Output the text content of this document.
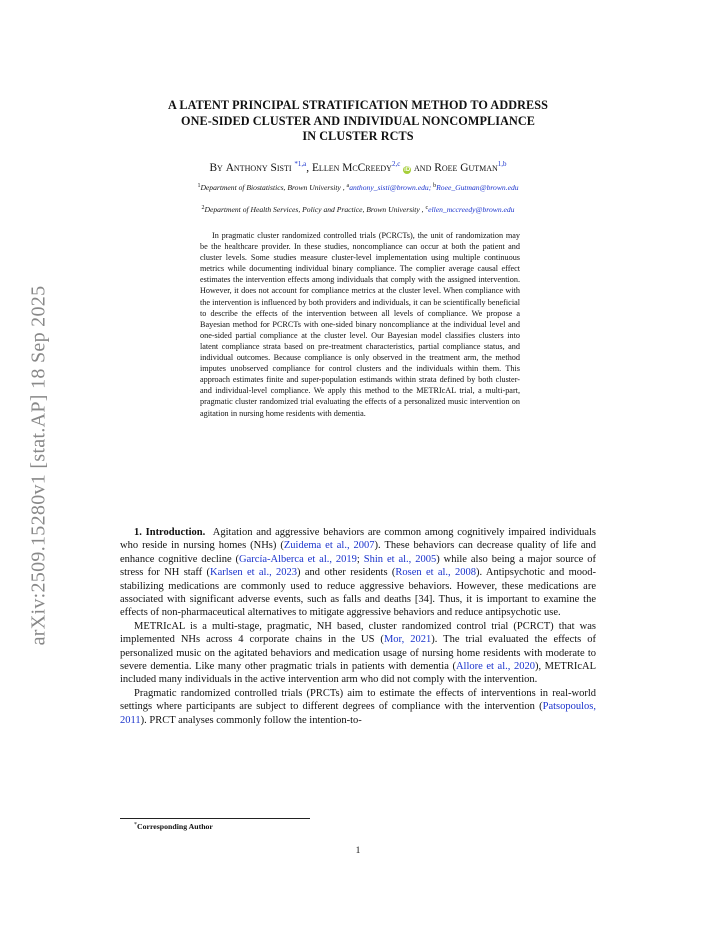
arXiv:2509.15280v1 [stat.AP] 18 Sep 2025
A LATENT PRINCIPAL STRATIFICATION METHOD TO ADDRESS
ONE-SIDED CLUSTER AND INDIVIDUAL NONCOMPLIANCE
IN CLUSTER RCTS
By Anthony Sisti $^{*1,a}$, Ellen McCreedy$^{2,c}$ iD and Roee Gutman$^{1,b}$
$^1$Department of Biostatistics, Brown University , $^a$anthony_sisti@brown.edu; $^b$Roee_Gutman@brown.edu
$^2$Department of Health Services, Policy and Practice, Brown University , $^c$ellen_mccreedy@brown.edu

In pragmatic cluster randomized controlled trials (PCRCTs), the unit of randomization may be the healthcare provider. In these studies, noncompliance can occur at both the patient and cluster levels. Some studies measure cluster-level implementation using multiple continuous metrics while documenting individual binary compliance. The complier average causal effect estimates the intervention effects among individuals that comply with the assigned intervention. However, it does not account for compliance metrics at the cluster level. When compliance with the intervention is influenced by both providers and individuals, it can be scientifically beneficial to describe the effects of the intervention between all levels of compliance. We propose a Bayesian method for PCRCTs with one-sided binary noncompliance at the individual level and one-sided partial compliance at the cluster level. Our Bayesian model classifies clusters into latent compliance strata based on pre-treatment characteristics, partial compliance status, and individual outcomes. Because compliance is only observed in the treatment arm, the method imputes unobserved compliance for control clusters and the individuals within them. This approach estimates finite and super-population estimands within strata defined by both cluster- and individual-level compliance. We apply this method to the METRIcAL trial, a multi-part, pragmatic cluster randomized trial evaluating the effects of a personalized music intervention on agitation in nursing home residents with dementia.

1. Introduction. Agitation and aggressive behaviors are common among cognitively impaired individuals who reside in nursing homes (NHs) (Zuidema et al., 2007). These behaviors can decrease quality of life and enhance cognitive decline (García-Alberca et al., 2019; Shin et al., 2005) while also being a major source of stress for NH staff (Karlsen et al., 2023) and other residents (Rosen et al., 2008). Antipsychotic and mood-stabilizing medications are commonly used to reduce aggressive behaviors. However, these medications are associated with significant adverse events, such as falls and deaths [34]. Thus, it is important to examine the effects of non-pharmaceutical alternatives to mitigate aggressive behaviors and reduce antipsychotic use.

METRIcAL is a multi-stage, pragmatic, NH based, cluster randomized control trial (PCRCT) that was implemented NHs across 4 corporate chains in the US (Mor, 2021). The trial evaluated the effects of personalized music on the agitated behaviors and medication usage of nursing home residents with moderate to severe dementia. Like many other pragmatic trials in patients with dementia (Allore et al., 2020), METRIcAL included many individuals in the active intervention arm who did not comply with the intervention.

Pragmatic randomized controlled trials (PRCTs) aim to estimate the effects of interventions in real-world settings where participants are subject to different degrees of compliance with the intervention (Patsopoulos, 2011). PRCT analyses commonly follow the intention-to-

*Corresponding Author
1
